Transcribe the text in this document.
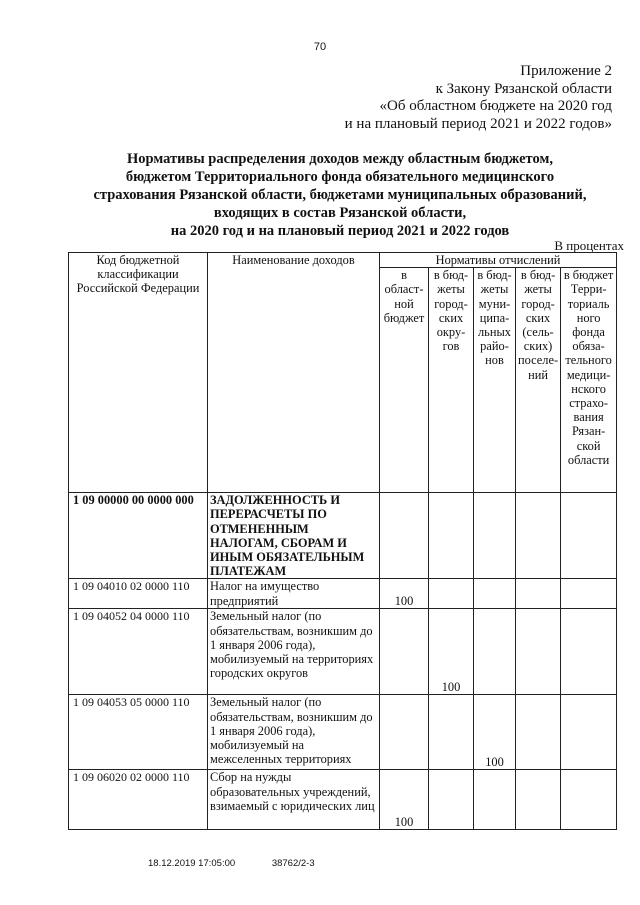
70
Приложение 2
к Закону Рязанской области
«Об областном бюджете на 2020 год
и на плановый период 2021 и 2022 годов»
Нормативы распределения доходов между областным бюджетом,
бюджетом Территориального фонда обязательного медицинского
страхования Рязанской области, бюджетами муниципальных образований,
входящих в состав Рязанской области,
на 2020 год и на плановый период 2021 и 2022 годов
В процентах
Код бюджетной классификации Российской Федерации	Наименование доходов	Нормативы отчислений				
		в област-ной бюджет	в бюд-жеты город-ских окру-гов	в бюд-жеты муни-ципа-льных райо-нов	в бюд-жеты город-ских (сель-ских) поселе-ний	в бюджет Терри-ториаль ного фонда обяза-тельного медици-нского страхо-вания Рязан-ской области
1 09 00000 00 0000 000	ЗАДОЛЖЕННОСТЬ И ПЕРЕРАСЧЕТЫ ПО ОТМЕНЕННЫМ НАЛОГАМ, СБОРАМ И ИНЫМ ОБЯЗАТЕЛЬНЫМ ПЛАТЕЖАМ					
1 09 04010 02 0000 110	Налог на имущество предприятий	100				
1 09 04052 04 0000 110	Земельный налог (по обязательствам, возникшим до 1 января 2006 года), мобилизуемый на территориях городских округов		100			
1 09 04053 05 0000 110	Земельный налог (по обязательствам, возникшим до 1 января 2006 года), мобилизуемый на межселенных территориях			100		
1 09 06020 02 0000 110	Сбор на нужды образовательных учреждений, взимаемый с юридических лиц	100				
18.12.2019 17:05:00	38762/2-3
